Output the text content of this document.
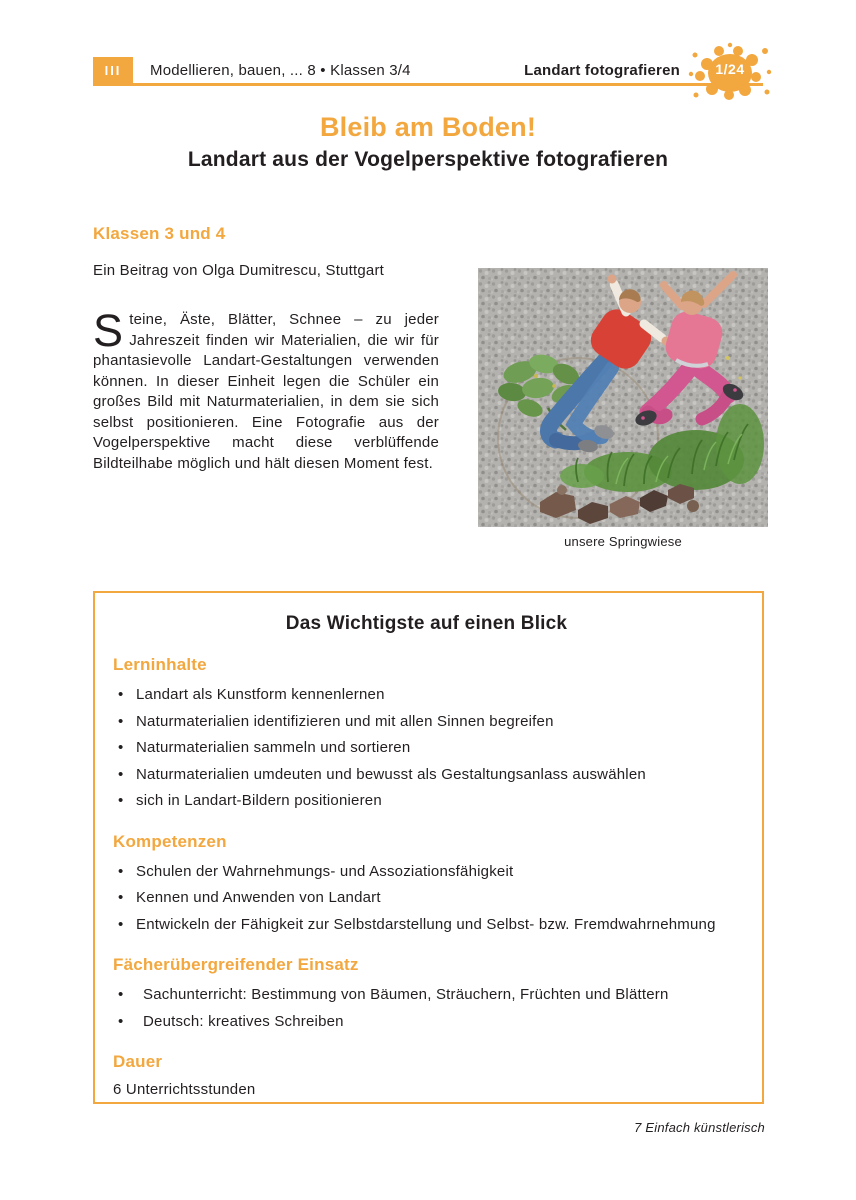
III	Modellieren, bauen, ... 8 • Klassen 3/4	Landart fotografieren	1/24
Bleib am Boden!
Landart aus der Vogelperspektive fotografieren
Klassen 3 und 4
Ein Beitrag von Olga Dumitrescu, Stuttgart

Steine, Äste, Blätter, Schnee – zu jeder Jahreszeit finden wir Materialien, die wir für phantasievolle Landart-Gestaltungen verwenden können. In dieser Einheit legen die Schüler ein großes Bild mit Naturmaterialien, in dem sie sich selbst positionieren. Eine Fotografie aus der Vogelperspektive macht diese verblüffende Bildteilhabe möglich und hält diesen Moment fest.

unsere Springwiese
Das Wichtigste auf einen Blick
Lerninhalte
• Landart als Kunstform kennenlernen
• Naturmaterialien identifizieren und mit allen Sinnen begreifen
• Naturmaterialien sammeln und sortieren
• Naturmaterialien umdeuten und bewusst als Gestaltungsanlass auswählen
• sich in Landart-Bildern positionieren
Kompetenzen
• Schulen der Wahrnehmungs- und Assoziationsfähigkeit
• Kennen und Anwenden von Landart
• Entwickeln der Fähigkeit zur Selbstdarstellung und Selbst- bzw. Fremdwahrnehmung
Fächerübergreifender Einsatz
• Sachunterricht: Bestimmung von Bäumen, Sträuchern, Früchten und Blättern
• Deutsch: kreatives Schreiben
Dauer
6 Unterrichtsstunden
7 Einfach künstlerisch
